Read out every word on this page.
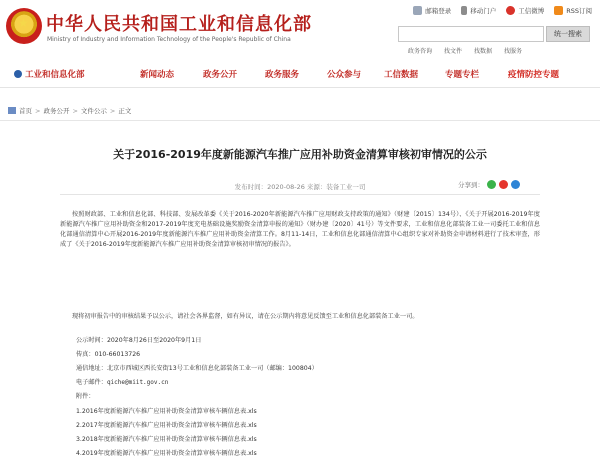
★ 中华人民共和国工业和信息化部
Ministry of Industry and Information Technology of the People's Republic of China
邮箱登录	移动门户	工信微博	RSS订阅
统一搜索
政务咨询 找文件 找数据 找服务
工业和信息化部	新闻动态	政务公开	政务服务	公众参与	工信数据	专题专栏	疫情防控专题
首页 > 政务公开 > 文件公示 > 正文
关于2016-2019年度新能源汽车推广应用补助资金清算审核初审情况的公示
发布时间：2020-08-26 来源：装备工业一司	分享到：
按照财政部、工业和信息化部、科技部、发展改革委《关于2016-2020年新能源汽车推广应用财政支持政策的通知》（财建〔2015〕134号）、《关于开展2016-2019年度新能源汽车推广应用补助资金和2017-2019年度充电基础设施奖励资金清算申报的通知》（财办建〔2020〕41号）等文件要求，工业和信息化部装备工业一司委托工业和信息化部通信清算中心开展2016-2019年度新能源汽车推广应用补助资金清算工作。8月11-14日，工业和信息化部通信清算中心组织专家对补助资金申请材料进行了技术审查，形成了《关于2016-2019年度新能源汽车推广应用补助资金清算审核初审情况的报告》。
现将初审报告中的审核结果予以公示，请社会各界监督，如有异议，请在公示期内将意见反馈至工业和信息化部装备工业一司。
公示时间：2020年8月26日至2020年9月1日
传真：010-66013726
通信地址：北京市西城区西长安街13号工业和信息化部装备工业一司（邮编：100804）
电子邮件：qiche@miit.gov.cn
附件：
1.2016年度新能源汽车推广应用补助资金清算审核车辆信息表.xls
2.2017年度新能源汽车推广应用补助资金清算审核车辆信息表.xls
3.2018年度新能源汽车推广应用补助资金清算审核车辆信息表.xls
4.2019年度新能源汽车推广应用补助资金清算审核车辆信息表.xls
